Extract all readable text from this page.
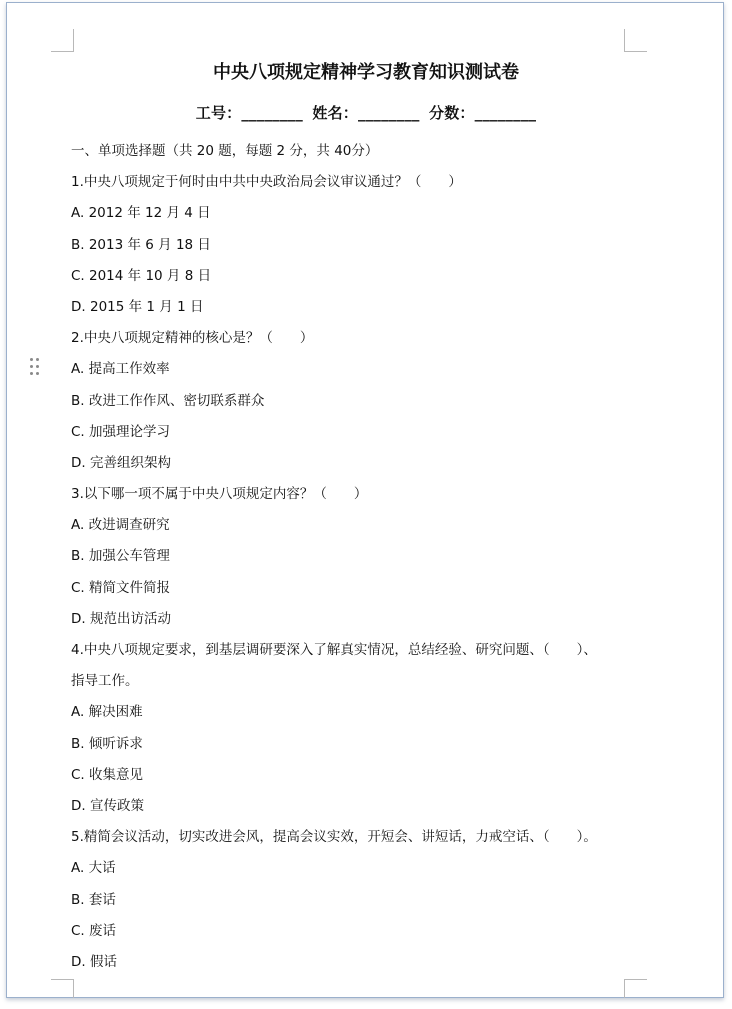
中央八项规定精神学习教育知识测试卷
工号：________ 姓名：________ 分数：________
一、单项选择题（共 20 题，每题 2 分，共 40分）
1.中央八项规定于何时由中共中央政治局会议审议通过？（　　）
A. 2012 年 12 月 4 日
B. 2013 年 6 月 18 日
C. 2014 年 10 月 8 日
D. 2015 年 1 月 1 日
2.中央八项规定精神的核心是？（　　）
A. 提高工作效率
B. 改进工作作风、密切联系群众
C. 加强理论学习
D. 完善组织架构
3.以下哪一项不属于中央八项规定内容？（　　）
A. 改进调查研究
B. 加强公车管理
C. 精简文件简报
D. 规范出访活动
4.中央八项规定要求，到基层调研要深入了解真实情况，总结经验、研究问题、（　　）、
指导工作。
A. 解决困难
B. 倾听诉求
C. 收集意见
D. 宣传政策
5.精简会议活动，切实改进会风，提高会议实效，开短会、讲短话，力戒空话、（　　）。
A. 大话
B. 套话
C. 废话
D. 假话
